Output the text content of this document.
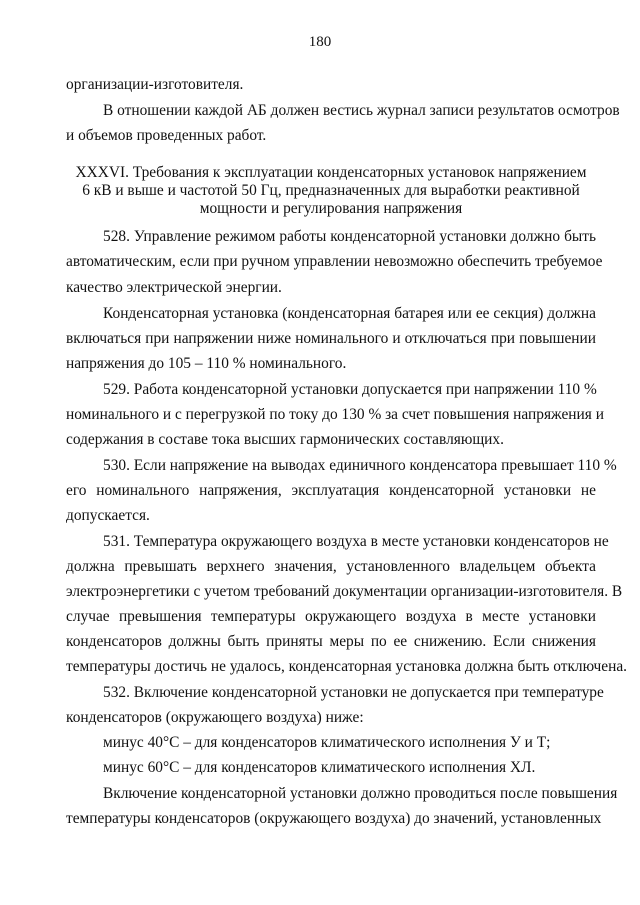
180
организации-изготовителя.
В отношении каждой АБ должен вестись журнал записи результатов осмотров
и объемов проведенных работ.
XXXVI. Требования к эксплуатации конденсаторных установок напряжением
6 кВ и выше и частотой 50 Гц, предназначенных для выработки реактивной
мощности и регулирования напряжения
528. Управление режимом работы конденсаторной установки должно быть
автоматическим, если при ручном управлении невозможно обеспечить требуемое
качество электрической энергии.
Конденсаторная установка (конденсаторная батарея или ее секция) должна
включаться при напряжении ниже номинального и отключаться при повышении
напряжения до 105 – 110 % номинального.
529. Работа конденсаторной установки допускается при напряжении 110 %
номинального и с перегрузкой по току до 130 % за счет повышения напряжения и
содержания в составе тока высших гармонических составляющих.
530. Если напряжение на выводах единичного конденсатора превышает 110 %
его номинального напряжения, эксплуатация конденсаторной установки не
допускается.
531. Температура окружающего воздуха в месте установки конденсаторов не
должна превышать верхнего значения, установленного владельцем объекта
электроэнергетики с учетом требований документации организации-изготовителя. В
случае превышения температуры окружающего воздуха в месте установки
конденсаторов должны быть приняты меры по ее снижению. Если снижения
температуры достичь не удалось, конденсаторная установка должна быть отключена.
532. Включение конденсаторной установки не допускается при температуре
конденсаторов (окружающего воздуха) ниже:
минус 40°С – для конденсаторов климатического исполнения У и Т;
минус 60°С – для конденсаторов климатического исполнения ХЛ.
Включение конденсаторной установки должно проводиться после повышения
температуры конденсаторов (окружающего воздуха) до значений, установленных
